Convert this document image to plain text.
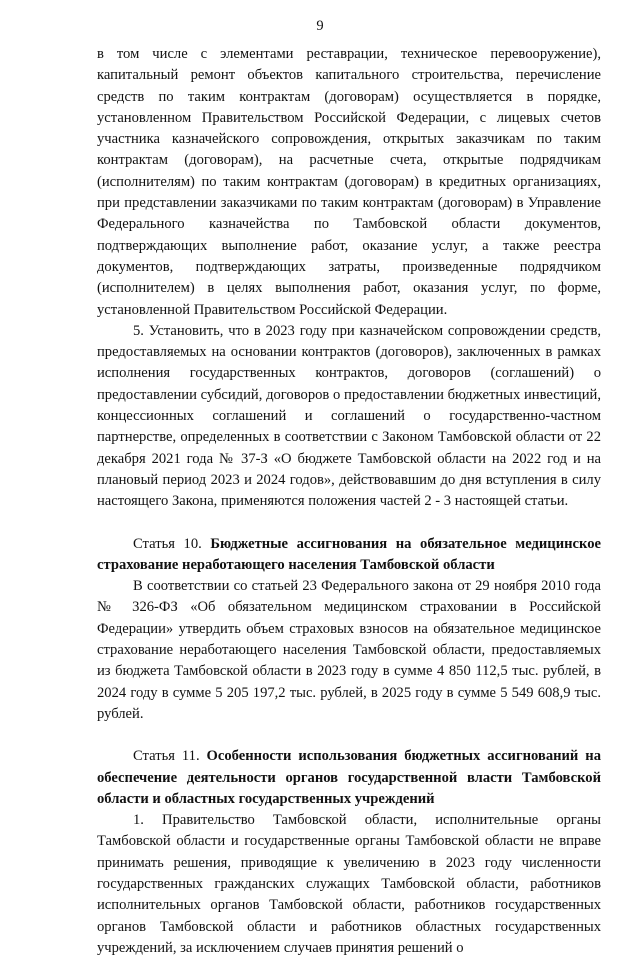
9

в том числе с элементами реставрации, техническое перевооружение), капитальный ремонт объектов капитального строительства, перечисление средств по таким контрактам (договорам) осуществляется в порядке, установленном Правительством Российской Федерации, с лицевых счетов участника казначейского сопровождения, открытых заказчикам по таким контрактам (договорам), на расчетные счета, открытые подрядчикам (исполнителям) по таким контрактам (договорам) в кредитных организациях, при представлении заказчиками по таким контрактам (договорам) в Управление Федерального казначейства по Тамбовской области документов, подтверждающих выполнение работ, оказание услуг, а также реестра документов, подтверждающих затраты, произведенные подрядчиком (исполнителем) в целях выполнения работ, оказания услуг, по форме, установленной Правительством Российской Федерации.

5. Установить, что в 2023 году при казначейском сопровождении средств, предоставляемых на основании контрактов (договоров), заключенных в рамках исполнения государственных контрактов, договоров (соглашений) о предоставлении субсидий, договоров о предоставлении бюджетных инвестиций, концессионных соглашений и соглашений о государственно-частном партнерстве, определенных в соответствии с Законом Тамбовской области от 22 декабря 2021 года № 37-З «О бюджете Тамбовской области на 2022 год и на плановый период 2023 и 2024 годов», действовавшим до дня вступления в силу настоящего Закона, применяются положения частей 2 - 3 настоящей статьи.

Статья 10. Бюджетные ассигнования на обязательное медицинское страхование неработающего населения Тамбовской области

В соответствии со статьей 23 Федерального закона от 29 ноября 2010 года № 326-ФЗ «Об обязательном медицинском страховании в Российской Федерации» утвердить объем страховых взносов на обязательное медицинское страхование неработающего населения Тамбовской области, предоставляемых из бюджета Тамбовской области в 2023 году в сумме 4 850 112,5 тыс. рублей, в 2024 году в сумме 5 205 197,2 тыс. рублей, в 2025 году в сумме 5 549 608,9 тыс. рублей.

Статья 11. Особенности использования бюджетных ассигнований на обеспечение деятельности органов государственной власти Тамбовской области и областных государственных учреждений

1. Правительство Тамбовской области, исполнительные органы Тамбовской области и государственные органы Тамбовской области не вправе принимать решения, приводящие к увеличению в 2023 году численности государственных гражданских служащих Тамбовской области, работников исполнительных органов Тамбовской области, работников государственных органов Тамбовской области и работников областных государственных учреждений, за исключением случаев принятия решений о
